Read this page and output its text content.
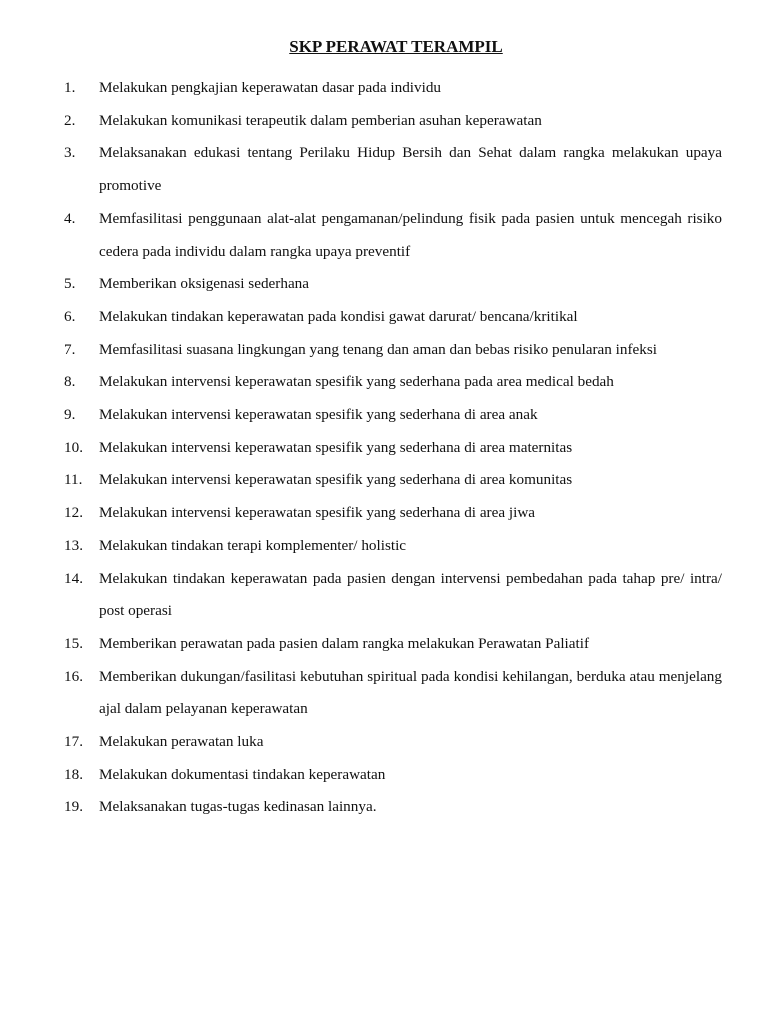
SKP PERAWAT TERAMPIL
1.	Melakukan pengkajian keperawatan dasar pada individu
2.	Melakukan komunikasi terapeutik dalam pemberian asuhan keperawatan
3.	Melaksanakan edukasi tentang Perilaku Hidup Bersih dan Sehat dalam rangka melakukan upaya promotive
4.	Memfasilitasi penggunaan alat-alat pengamanan/pelindung fisik pada pasien untuk mencegah risiko cedera pada individu dalam rangka upaya preventif
5.	Memberikan oksigenasi sederhana
6.	Melakukan tindakan keperawatan pada kondisi gawat darurat/ bencana/kritikal
7.	Memfasilitasi suasana lingkungan yang tenang dan aman dan bebas risiko penularan infeksi
8.	Melakukan intervensi keperawatan spesifik yang sederhana pada area medical bedah
9.	Melakukan intervensi keperawatan spesifik yang sederhana di area anak
10.	Melakukan intervensi keperawatan spesifik yang sederhana di area maternitas
11.	Melakukan intervensi keperawatan spesifik yang sederhana di area komunitas
12.	Melakukan intervensi keperawatan spesifik yang sederhana di area jiwa
13.	Melakukan tindakan terapi komplementer/ holistic
14.	Melakukan tindakan keperawatan pada pasien dengan intervensi pembedahan pada tahap pre/ intra/ post operasi
15.	Memberikan perawatan pada pasien dalam rangka melakukan Perawatan Paliatif
16.	Memberikan dukungan/fasilitasi kebutuhan spiritual pada kondisi kehilangan, berduka atau menjelang ajal dalam pelayanan keperawatan
17.	Melakukan perawatan luka
18.	Melakukan dokumentasi tindakan keperawatan
19.	Melaksanakan tugas-tugas kedinasan lainnya.
